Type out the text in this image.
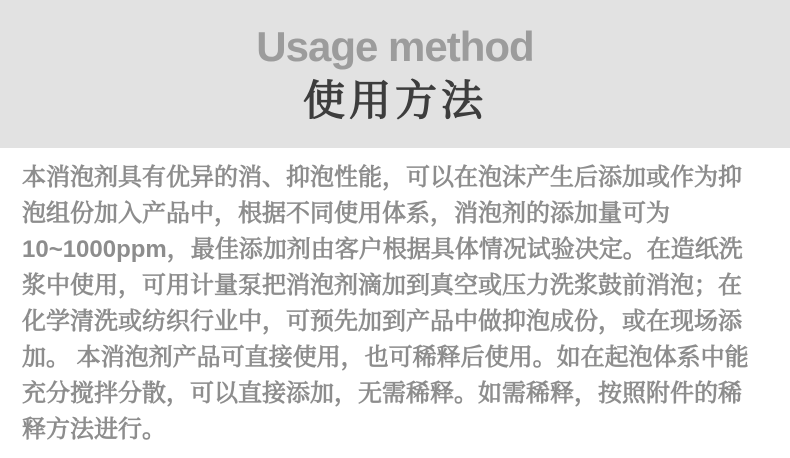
Usage method
使用方法
本消泡剂具有优异的消、抑泡性能，可以在泡沫产生后添加或作为抑
泡组份加入产品中，根据不同使用体系，消泡剂的添加量可为
10~1000ppm，最佳添加剂由客户根据具体情况试验决定。在造纸洗
浆中使用，可用计量泵把消泡剂滴加到真空或压力洗浆鼓前消泡；在
化学清洗或纺织行业中，可预先加到产品中做抑泡成份，或在现场添
加。 本消泡剂产品可直接使用，也可稀释后使用。如在起泡体系中能
充分搅拌分散，可以直接添加，无需稀释。如需稀释，按照附件的稀
释方法进行。
